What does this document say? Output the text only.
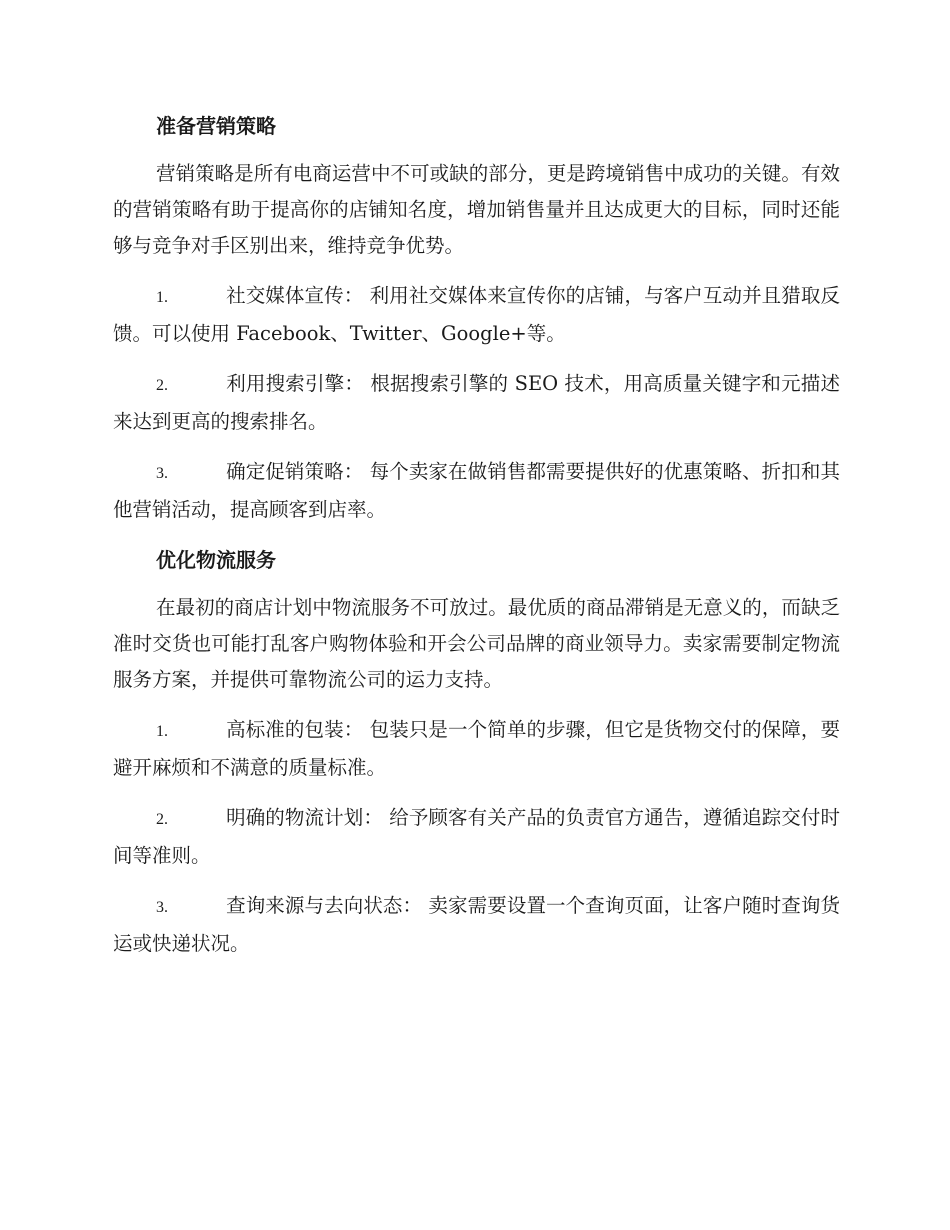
准备营销策略

营销策略是所有电商运营中不可或缺的部分，更是跨境销售中成功的关键。有效的营销策略有助于提高你的店铺知名度，增加销售量并且达成更大的目标，同时还能够与竞争对手区别出来，维持竞争优势。

1.	社交媒体宣传： 利用社交媒体来宣传你的店铺，与客户互动并且猎取反馈。可以使用 Facebook、Twitter、Google+等。

2.	利用搜索引擎： 根据搜索引擎的 SEO 技术，用高质量关键字和元描述来达到更高的搜索排名。

3.	确定促销策略： 每个卖家在做销售都需要提供好的优惠策略、折扣和其他营销活动，提高顾客到店率。

优化物流服务

在最初的商店计划中物流服务不可放过。最优质的商品滞销是无意义的，而缺乏准时交货也可能打乱客户购物体验和开会公司品牌的商业领导力。卖家需要制定物流服务方案，并提供可靠物流公司的运力支持。

1.	高标准的包装： 包装只是一个简单的步骤，但它是货物交付的保障，要避开麻烦和不满意的质量标准。

2.	明确的物流计划： 给予顾客有关产品的负责官方通告，遵循追踪交付时间等准则。

3.	查询来源与去向状态： 卖家需要设置一个查询页面，让客户随时查询货运或快递状况。
